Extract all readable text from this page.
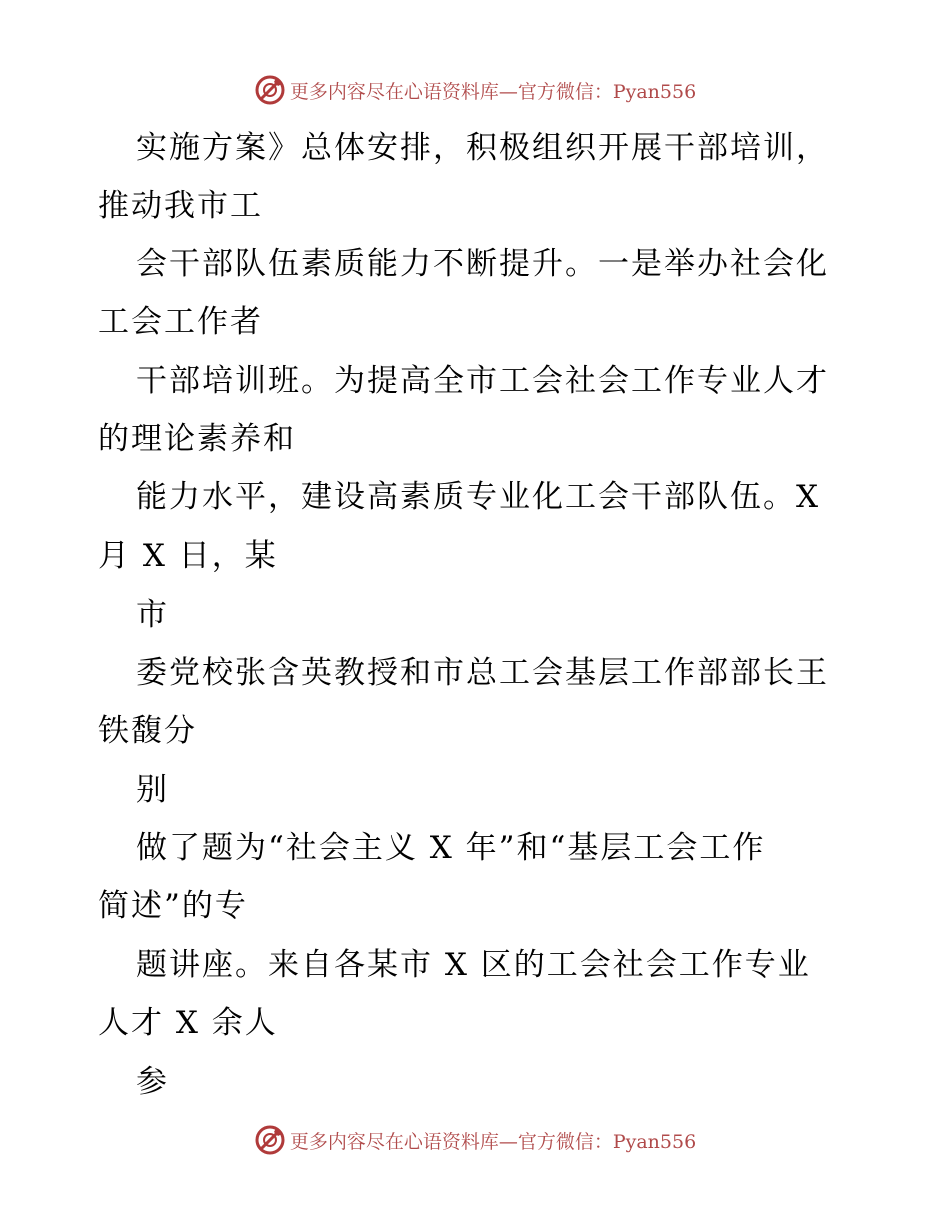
更多内容尽在心语资料库—官方微信：Pyan556
实施方案》总体安排，积极组织开展干部培训，
推动我市工
会干部队伍素质能力不断提升。一是举办社会化
工会工作者
干部培训班。为提高全市工会社会工作专业人才
的理论素养和
能力水平，建设高素质专业化工会干部队伍。X
月 X 日，某
市
委党校张含英教授和市总工会基层工作部部长王
铁馥分
别
做了题为“社会主义 X 年”和“基层工会工作
简述”的专
题讲座。来自各某市 X 区的工会社会工作专业
人才 X 余人
参
更多内容尽在心语资料库—官方微信：Pyan556
